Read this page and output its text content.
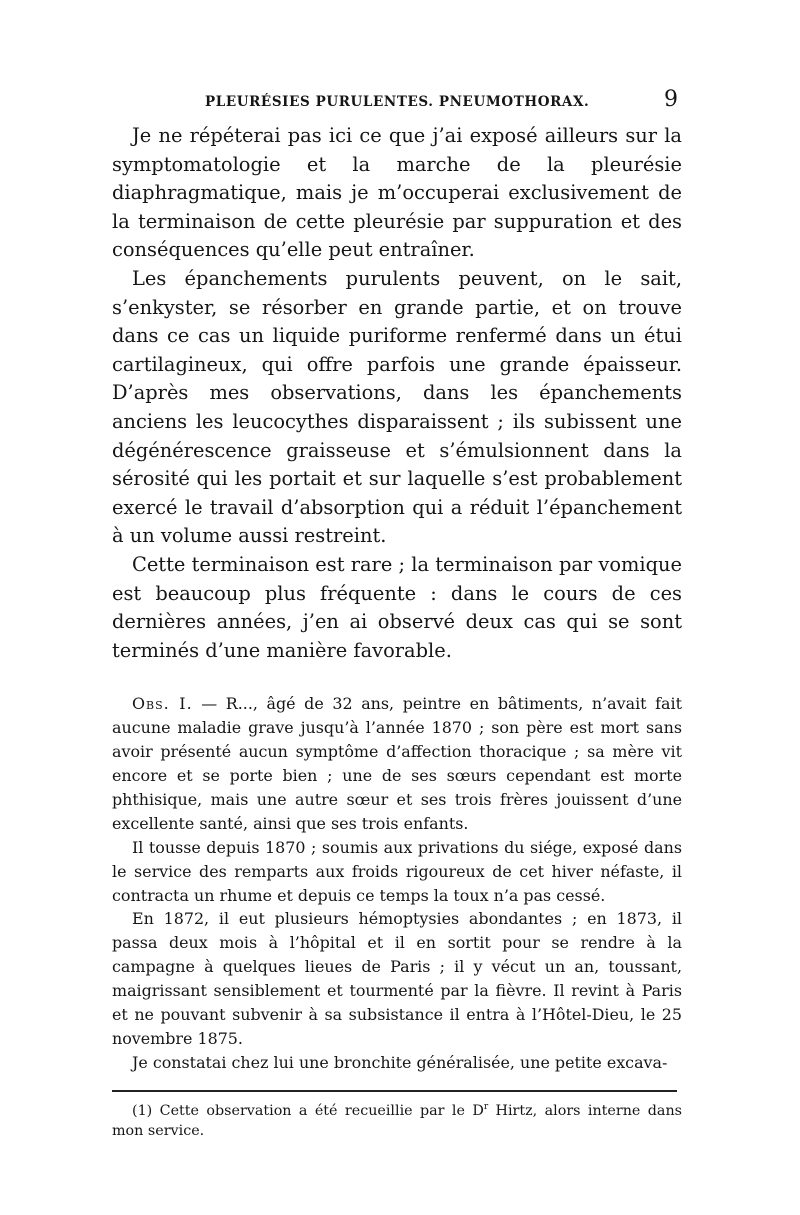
PLEURÉSIES PURULENTES. PNEUMOTHORAX.	9

Je ne répéterai pas ici ce que j’ai exposé ailleurs sur la symptomatologie et la marche de la pleurésie diaphragmatique, mais je m’occuperai exclusivement de la terminaison de cette pleurésie par suppuration et des conséquences qu’elle peut entraîner.

Les épanchements purulents peuvent, on le sait, s’enkyster, se résorber en grande partie, et on trouve dans ce cas un liquide puriforme renfermé dans un étui cartilagineux, qui offre parfois une grande épaisseur. D’après mes observations, dans les épanchements anciens les leucocythes disparaissent ; ils subissent une dégénérescence graisseuse et s’émulsionnent dans la sérosité qui les portait et sur laquelle s’est probablement exercé le travail d’absorption qui a réduit l’épanchement à un volume aussi restreint.

Cette terminaison est rare ; la terminaison par vomique est beaucoup plus fréquente : dans le cours de ces dernières années, j’en ai observé deux cas qui se sont terminés d’une manière favorable.

Obs. I. — R..., âgé de 32 ans, peintre en bâtiments, n’avait fait aucune maladie grave jusqu’à l’année 1870 ; son père est mort sans avoir présenté aucun symptôme d’affection thoracique ; sa mère vit encore et se porte bien ; une de ses sœurs cependant est morte phthisique, mais une autre sœur et ses trois frères jouissent d’une excellente santé, ainsi que ses trois enfants.

Il tousse depuis 1870 ; soumis aux privations du siége, exposé dans le service des remparts aux froids rigoureux de cet hiver néfaste, il contracta un rhume et depuis ce temps la toux n’a pas cessé.

En 1872, il eut plusieurs hémoptysies abondantes ; en 1873, il passa deux mois à l’hôpital et il en sortit pour se rendre à la campagne à quelques lieues de Paris ; il y vécut un an, toussant, maigrissant sensiblement et tourmenté par la fièvre. Il revint à Paris et ne pouvant subvenir à sa subsistance il entra à l’Hôtel-Dieu, le 25 novembre 1875.

Je constatai chez lui une bronchite généralisée, une petite excava-

(1) Cette observation a été recueillie par le $D^r$ Hirtz, alors interne dans mon service.
